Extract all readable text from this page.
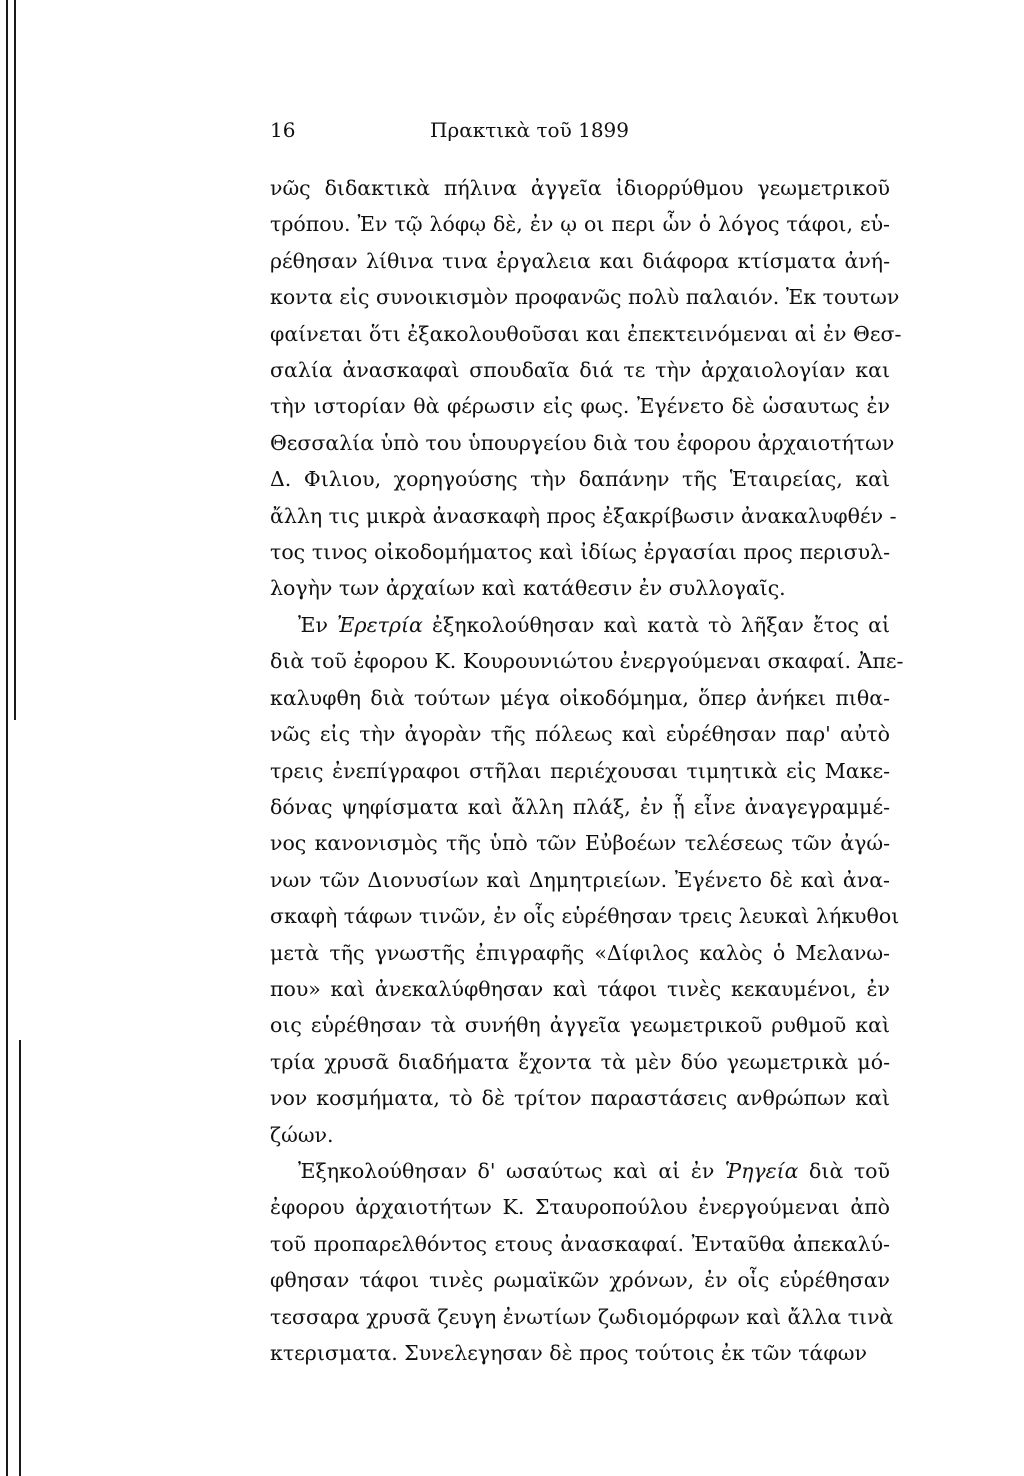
16	Πρακτικὰ τοῦ 1899
νῶς διδακτικὰ πήλινα ἀγγεῖα ἰδιορρύθμου γεωμετρικοῦ
τρόπου. Ἐν τῷ λόφῳ δὲ, ἐν ῳ οι περι ὧν ὁ λόγος τάφοι, εὑ-
ρέθησαν λίθινα τινα ἐργαλεια και διάφορα κτίσματα ἀνή-
κοντα εἰς συνοικισμὸν προφανῶς πολὺ παλαιόν. Ἐκ τουτων
φαίνεται ὅτι ἐξακολουθοῦσαι και ἐπεκτεινόμεναι αἱ ἐν Θεσ-
σαλία ἀνασκαφαὶ σπουδαῖα διά τε τὴν ἀρχαιολογίαν και
τὴν ιστορίαν θὰ φέρωσιν εἰς φως. Ἐγένετο δὲ ὡσαυτως ἐν
Θεσσαλία ὑπὸ του ὑπουργείου διὰ του ἐφορου ἀρχαιοτήτων
Δ. Φιλιου, χορηγούσης τὴν δαπάνην τῆς Ἑταιρείας, καὶ
ἄλλη τις μικρὰ ἀνασκαφὴ προς ἐξακρίβωσιν ἀνακαλυφθέν -
τος τινος οἰκοδομήματος καὶ ἰδίως ἐργασίαι προς περισυλ-
λογὴν των ἀρχαίων καὶ κατάθεσιν ἐν συλλογαῖς.
Ἐν Ἐρετρία ἐξηκολούθησαν καὶ κατὰ τὸ λῆξαν ἔτος αἱ
διὰ τοῦ ἐφορου Κ. Κουρουνιώτου ἐνεργούμεναι σκαφαί. Ἀπε-
καλυφθη διὰ τούτων μέγα οἰκοδόμημα, ὅπερ ἀνήκει πιθα-
νῶς εἰς τὴν ἀγορὰν τῆς πόλεως καὶ εὑρέθησαν παρ' αὐτὸ
τρεις ἐνεπίγραφοι στῆλαι περιέχουσαι τιμητικὰ εἰς Μακε-
δόνας ψηφίσματα καὶ ἄλλη πλάξ, ἐν ᾗ εἶνε ἀναγεγραμμέ-
νος κανονισμὸς τῆς ὑπὸ τῶν Εὐβοέων τελέσεως τῶν ἀγώ-
νων τῶν Διονυσίων καὶ Δημητριείων. Ἐγένετο δὲ καὶ ἀνα-
σκαφὴ τάφων τινῶν, ἐν οἷς εὑρέθησαν τρεις λευκαὶ λήκυθοι
μετὰ τῆς γνωστῆς ἐπιγραφῆς «Δίφιλος καλὸς ὁ Μελανω-
που» καὶ ἀνεκαλύφθησαν καὶ τάφοι τινὲς κεκαυμένοι, ἐν
οις εὑρέθησαν τὰ συνήθη ἀγγεῖα γεωμετρικοῦ ρυθμοῦ καὶ
τρία χρυσᾶ διαδήματα ἔχοντα τὰ μὲν δύο γεωμετρικὰ μό-
νον κοσμήματα, τὸ δὲ τρίτον παραστάσεις ανθρώπων καὶ
ζώων.
Ἐξηκολούθησαν δ' ωσαύτως καὶ αἱ ἐν Ῥηγεία διὰ τοῦ
ἐφορου ἀρχαιοτήτων Κ. Σταυροπούλου ἐνεργούμεναι ἀπὸ
τοῦ προπαρελθόντος ετους ἀνασκαφαί. Ἐνταῦθα ἀπεκαλύ-
φθησαν τάφοι τινὲς ρωμαϊκῶν χρόνων, ἐν οἷς εὑρέθησαν
τεσσαρα χρυσᾶ ζευγη ἐνωτίων ζωδιομόρφων καὶ ἄλλα τινὰ
κτερισματα. Συνελεγησαν δὲ προς τούτοις ἐκ τῶν τάφων
